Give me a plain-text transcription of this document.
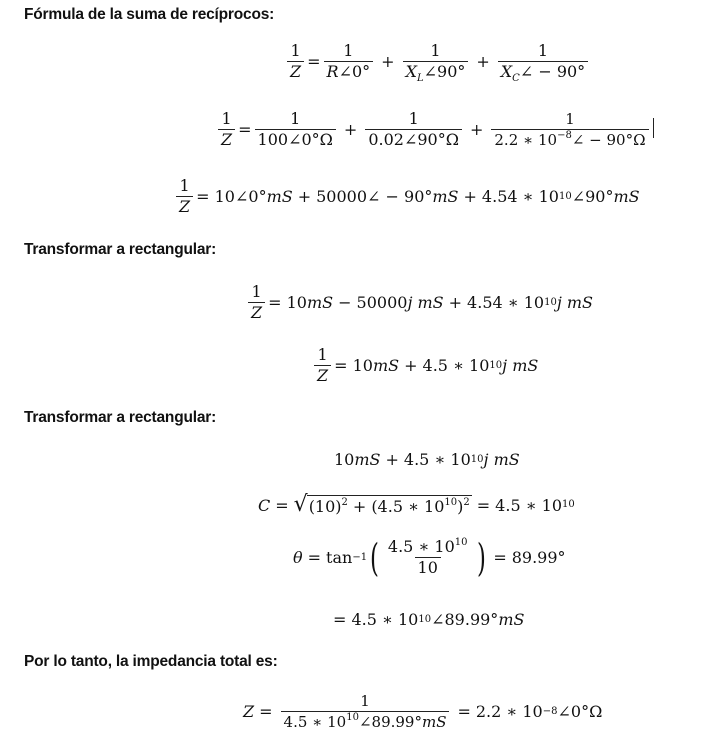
Fórmula de la suma de recíprocos:
$\frac{1}{Z} = \frac{1}{R\angle 0^\circ} + \frac{1}{X_L\angle 90^\circ} + \frac{1}{X_C\angle - 90^\circ}$
$\frac{1}{Z} = \frac{1}{100\angle 0^\circ\Omega} + \frac{1}{0.02\angle 90^\circ\Omega} + \frac{1}{2.2 ∗ 10^{-8}\angle - 90^\circ\Omega}$
$\frac{1}{Z}$ =
10∠0° mS + 50000∠ − 90° mS + 4.54 ∗ 10 10 ∠90° mS
Transformar a rectangular:
$\frac{1}{Z}$ =
10 mS − 50000 j
mS + 4.54 ∗ 10 10 j
mS
$\frac{1}{Z}$ =
10 mS + 4.5 ∗ 10 10 j
mS
Transformar a rectangular:
10 mS + 4.5 ∗ 10 10 j
mS
C = √ $(10)^2 + (4.5$ ∗ $10^{10})^2 = 4.5$ ∗ 10 10
θ = tan −1 ( $\frac{4.5 ∗ 10^{10}}{10}$ ) = 89.99°
=
4.5 ∗ 10 10 ∠89.99° mS
Por lo tanto, la impedancia total es:
$Z = \frac{1}{4.5 ∗ 10^{10}\angle 89.99^\circ mS} = 2.2$ ∗ 10 −8 ∠0°Ω
